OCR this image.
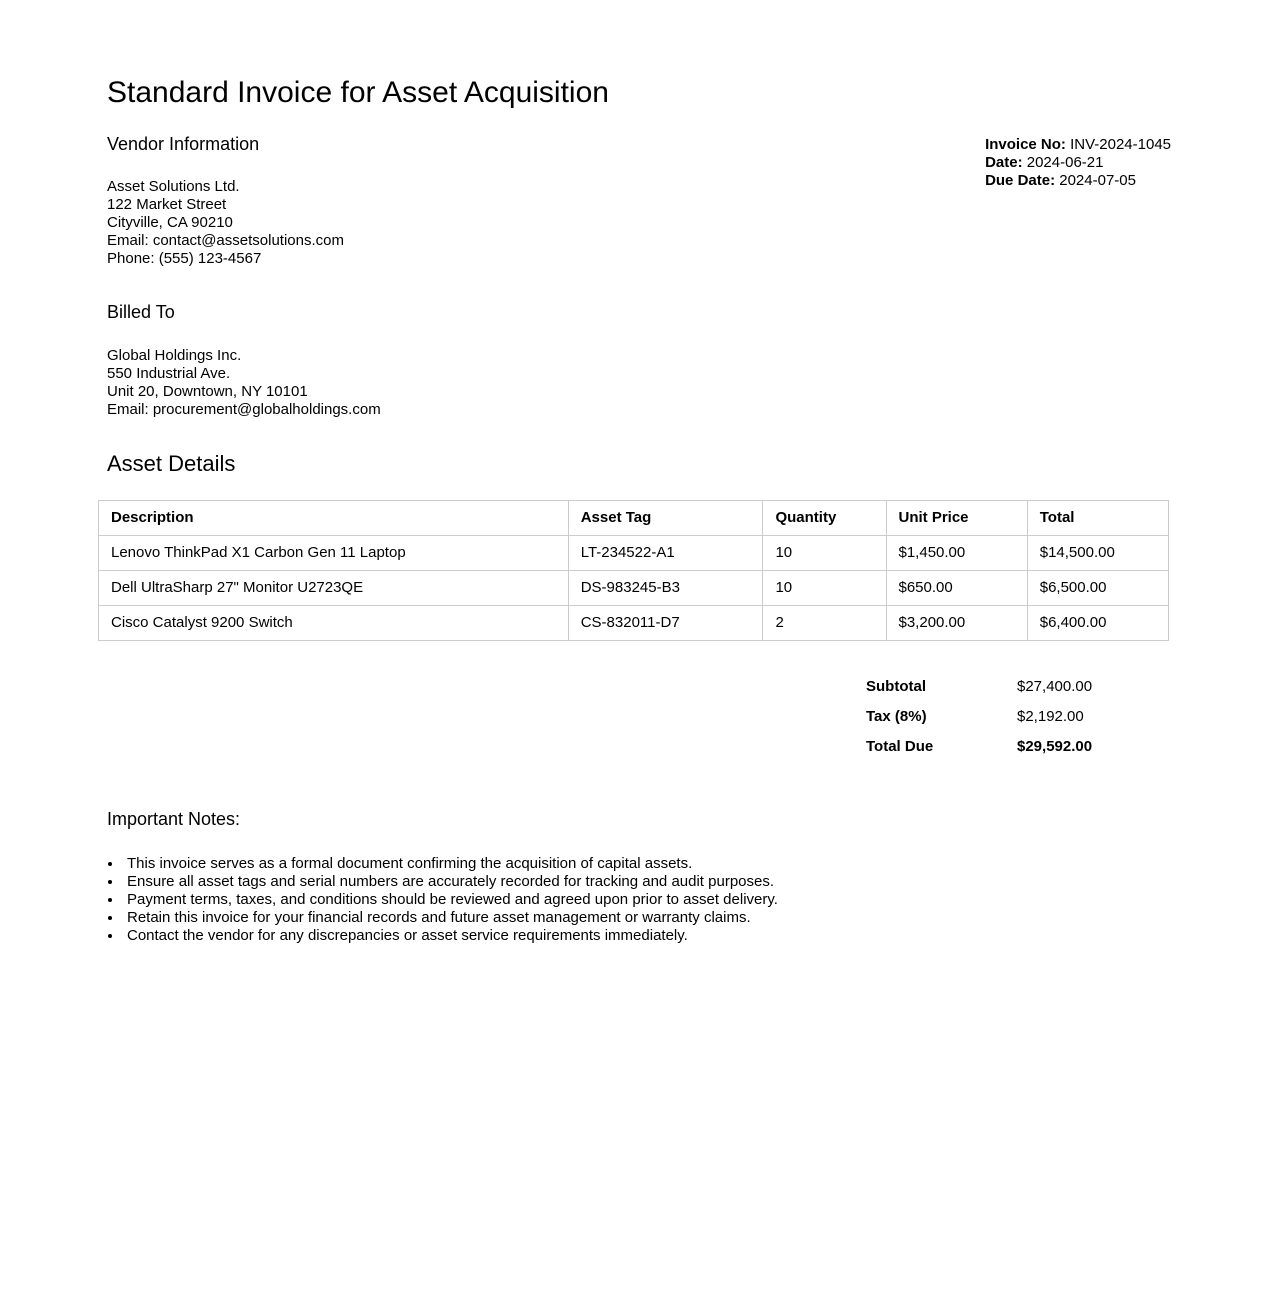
Standard Invoice for Asset Acquisition
Vendor Information
Asset Solutions Ltd.
122 Market Street
Cityville, CA 90210
Email: contact@assetsolutions.com
Phone: (555) 123-4567
Invoice No: INV-2024-1045
Date: 2024-06-21
Due Date: 2024-07-05
Billed To
Global Holdings Inc.
550 Industrial Ave.
Unit 20, Downtown, NY 10101
Email: procurement@globalholdings.com
Asset Details
Description	Asset Tag	Quantity	Unit Price	Total
Lenovo ThinkPad X1 Carbon Gen 11 Laptop	LT-234522-A1	10	$1,450.00	$14,500.00
Dell UltraSharp 27" Monitor U2723QE	DS-983245-B3	10	$650.00	$6,500.00
Cisco Catalyst 9200 Switch	CS-832011-D7	2	$3,200.00	$6,400.00
Subtotal	$27,400.00
Tax (8%)	$2,192.00
Total Due	$29,592.00
Important Notes:
• This invoice serves as a formal document confirming the acquisition of capital assets.
• Ensure all asset tags and serial numbers are accurately recorded for tracking and audit purposes.
• Payment terms, taxes, and conditions should be reviewed and agreed upon prior to asset delivery.
• Retain this invoice for your financial records and future asset management or warranty claims.
• Contact the vendor for any discrepancies or asset service requirements immediately.
